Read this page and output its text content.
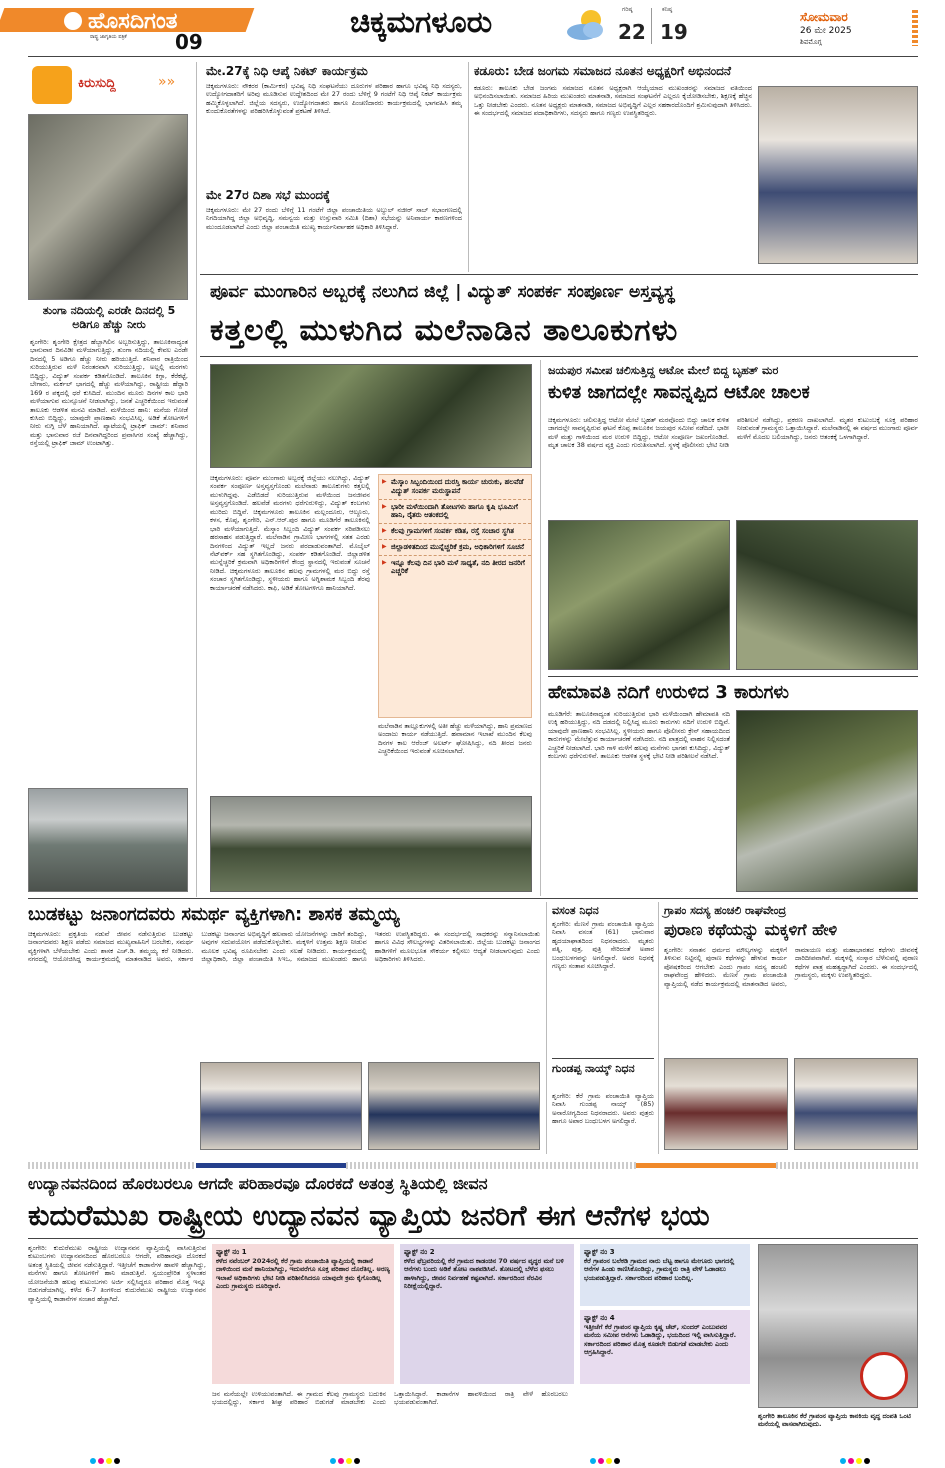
ಹೊಸದಿಗಂತ
ರಾಷ್ಟ್ರ ಜಾಗೃತಿಯ ಪತ್ರಿಕೆ 09
ಚಿಕ್ಕಮಗಳೂರು	ಗರಿಷ್ಠ
22
ಕನಿಷ್ಠ
19
ಸೋಮವಾರ
26 ಮೇ 2025
ಶಿವಮೊಗ್ಗ
ಕಿರುಸುದ್ದಿ	»»
ತುಂಗಾ ನದಿಯಲ್ಲಿ ಎರಡೇ ದಿನದಲ್ಲಿ 5 ಅಡಿಗೂ ಹೆಚ್ಚು ನೀರು
ಶೃಂಗೇರಿ: ಶೃಂಗೇರಿ ಕ್ಷೇತ್ರದ ಹೆಬ್ಬಾಗಿಲಿನ ಅಬ್ಬರಿಸುತ್ತಿದ್ದು, ತಾಲೂಕಿನಾದ್ಯಂತ ಭಾನುವಾರ ದಿನವಿಡೀ ಮಳೆಯಾಗುತ್ತಿದ್ದು, ತುಂಗಾ ನದಿಯಲ್ಲಿ ಕೇವಲ ಎರಡೇ ದಿನದಲ್ಲಿ 5 ಅಡಿಗೂ ಹೆಚ್ಚು ನೀರು ಹರಿಯುತ್ತಿದೆ. ಶನಿವಾರ ರಾತ್ರಿಯಿಂದ ಸುರಿಯುತ್ತಿರುವ ಮಳೆ ನಿರಂತರವಾಗಿ ಸುರಿಯುತ್ತಿದ್ದು, ಅಲ್ಲಲ್ಲಿ ಮರಗಳು ಬಿದ್ದಿದ್ದು, ವಿದ್ಯುತ್ ಸಂಪರ್ಕ ಕಡಿತಗೊಂಡಿದೆ. ತಾಲೂಕಿನ ಕಿಗ್ಗಾ, ಕೆರೆಕಟ್ಟೆ, ಬೇಗಾರು, ಮರ್ಕಲ್ ಭಾಗದಲ್ಲಿ ಹೆಚ್ಚು ಮಳೆಯಾಗಿದ್ದು, ರಾಷ್ಟ್ರೀಯ ಹೆದ್ದಾರಿ 169 ರ ಪಕ್ಕದಲ್ಲಿ ಧರೆ ಕುಸಿದಿದೆ. ಮುಂದಿನ ಮೂರು ದಿನಗಳ ಕಾಲ ಭಾರಿ ಮಳೆಯಾಗುವ ಮುನ್ಸೂಚನೆ ನೀಡಲಾಗಿದ್ದು, ಜನತೆ ಎಚ್ಚರಿಕೆಯಿಂದ ಇರುವಂತೆ ತಾಲೂಕು ಆಡಳಿತ ಮನವಿ ಮಾಡಿದೆ. ಮಳೆಯಿಂದ ಹಾನಿ: ಮನೆಯ ಗೋಡೆ ಕುಸಿದು ಬಿದ್ದಿದ್ದು, ಯಾವುದೇ ಪ್ರಾಣಹಾನಿ ಸಂಭವಿಸಿಲ್ಲ. ಅಡಿಕೆ ತೋಟಗಳಿಗೆ ನೀರು ನುಗ್ಗಿ ಬೆಳೆ ಹಾನಿಯಾಗಿದೆ. ಪ್ಯಾಟೆಯಲ್ಲಿ ಟ್ರಾಫಿಕ್ ಜಾಮ್: ಶನಿವಾರ ಮತ್ತು ಭಾನುವಾರ ರಜೆ ದಿನವಾಗಿದ್ದರಿಂದ ಪ್ರವಾಸಿಗರ ಸಂಖ್ಯೆ ಹೆಚ್ಚಾಗಿದ್ದು, ರಸ್ತೆಯಲ್ಲಿ ಟ್ರಾಫಿಕ್ ಜಾಮ್ ಉಂಟಾಗಿತ್ತು.
ಮೇ.27ಕ್ಕೆ ನಿಧಿ ಆಪ್ಕೆ ನಿಕಟ್ ಕಾರ್ಯಕ್ರಮ
ಚಿಕ್ಕಮಗಳೂರು: ನೌಕರರ (ಕಾರ್ಮಿಕರ) ಭವಿಷ್ಯ ನಿಧಿ ಸಂಘಟನೆಯು ದೂರುಗಳ ಪರಿಹಾರ ಹಾಗೂ ಭವಿಷ್ಯ ನಿಧಿ ಸದಸ್ಯರು, ಉದ್ಯೋಗದಾತರಿಗೆ ಅರಿವು ಮೂಡಿಸುವ ಉದ್ದೇಶದಿಂದ ಮೇ 27 ರಂದು ಬೆಳಿಗ್ಗೆ 9 ಗಂಟೆಗೆ ನಿಧಿ ಆಪ್ಕೆ ನಿಕಟ್ ಕಾರ್ಯಕ್ರಮ ಹಮ್ಮಿಕೊಳ್ಳಲಾಗಿದೆ. ಜಿಲ್ಲೆಯ ಸದಸ್ಯರು, ಉದ್ಯೋಗದಾತರು ಹಾಗೂ ಪಿಂಚಣಿದಾರರು ಕಾರ್ಯಕ್ರಮದಲ್ಲಿ ಭಾಗವಹಿಸಿ ತಮ್ಮ ಕುಂದುಕೊರತೆಗಳನ್ನು ಪರಿಹರಿಸಿಕೊಳ್ಳುವಂತೆ ಪ್ರಕಟಣೆ ತಿಳಿಸಿದೆ.
ಮೇ 27ರ ದಿಶಾ ಸಭೆ ಮುಂದಕ್ಕೆ
ಚಿಕ್ಕಮಗಳೂರು: ಮೇ 27 ರಂದು ಬೆಳಿಗ್ಗೆ 11 ಗಂಟೆಗೆ ಜಿಲ್ಲಾ ಪಂಚಾಯಿತಿಯ ಅಬ್ದುಲ್ ನಜೀರ್ ಸಾಬ್ ಸಭಾಂಗಣದಲ್ಲಿ ನಿಗದಿಯಾಗಿದ್ದ ಜಿಲ್ಲಾ ಅಭಿವೃದ್ಧಿ, ಸಮನ್ವಯ ಮತ್ತು ಉಸ್ತುವಾರಿ ಸಮಿತಿ (ದಿಶಾ) ಸಭೆಯನ್ನು ಅನಿವಾರ್ಯ ಕಾರಣಗಳಿಂದ ಮುಂದೂಡಲಾಗಿದೆ ಎಂದು ಜಿಲ್ಲಾ ಪಂಚಾಯಿತಿ ಮುಖ್ಯ ಕಾರ್ಯನಿರ್ವಾಹಕ ಅಧಿಕಾರಿ ತಿಳಿಸಿದ್ದಾರೆ.
ಕಡೂರು: ಬೇಡ ಜಂಗಮ ಸಮಾಜದ ನೂತನ ಅಧ್ಯಕ್ಷರಿಗೆ ಅಭಿನಂದನೆ
ಕಡೂರು: ತಾಲೂಕು ಬೇಡ ಜಂಗಮ ಸಮಾಜದ ನೂತನ ಅಧ್ಯಕ್ಷರಾಗಿ ಆಯ್ಕೆಯಾದ ಮುಖಂಡರನ್ನು ಸಮಾಜದ ವತಿಯಿಂದ ಅಭಿನಂದಿಸಲಾಯಿತು. ಸಮಾಜದ ಹಿರಿಯ ಮುಖಂಡರು ಮಾತನಾಡಿ, ಸಮಾಜದ ಸಂಘಟನೆಗೆ ಎಲ್ಲರೂ ಕೈಜೋಡಿಸಬೇಕು, ಶಿಕ್ಷಣಕ್ಕೆ ಹೆಚ್ಚಿನ ಒತ್ತು ನೀಡಬೇಕು ಎಂದರು. ನೂತನ ಅಧ್ಯಕ್ಷರು ಮಾತನಾಡಿ, ಸಮಾಜದ ಅಭಿವೃದ್ಧಿಗೆ ಎಲ್ಲರ ಸಹಕಾರದೊಂದಿಗೆ ಶ್ರಮಿಸುವುದಾಗಿ ತಿಳಿಸಿದರು. ಈ ಸಂದರ್ಭದಲ್ಲಿ ಸಮಾಜದ ಪದಾಧಿಕಾರಿಗಳು, ಸದಸ್ಯರು ಹಾಗೂ ಗಣ್ಯರು ಉಪಸ್ಥಿತರಿದ್ದರು.
ಪೂರ್ವ ಮುಂಗಾರಿನ ಅಬ್ಬರಕ್ಕೆ ನಲುಗಿದ ಜಿಲ್ಲೆ | ವಿದ್ಯುತ್ ಸಂಪರ್ಕ ಸಂಪೂರ್ಣ ಅಸ್ತವ್ಯಸ್ಥ
ಕತ್ತಲಲ್ಲಿ ಮುಳುಗಿದ ಮಲೆನಾಡಿನ ತಾಲೂಕುಗಳು
ಚಿಕ್ಕಮಗಳೂರು: ಪೂರ್ವ ಮುಂಗಾರು ಅಬ್ಬರಕ್ಕೆ ಜಿಲ್ಲೆಯು ನಲುಗಿದ್ದು, ವಿದ್ಯುತ್ ಸಂಪರ್ಕ ಸಂಪೂರ್ಣ ಅಸ್ತವ್ಯಸ್ತಗೊಂಡು ಮಲೆನಾಡು ತಾಲೂಕುಗಳು ಕತ್ತಲಲ್ಲಿ ಮುಳುಗಿದ್ದವು. ಎಡೆಬಿಡದೆ ಸುರಿಯುತ್ತಿರುವ ಮಳೆಯಿಂದ ಜನಜೀವನ ಅಸ್ತವ್ಯಸ್ತಗೊಂಡಿದೆ. ಹಲವೆಡೆ ಮರಗಳು ಧರೆಗುರುಳಿದ್ದು, ವಿದ್ಯುತ್ ಕಂಬಗಳು ಮುರಿದು ಬಿದ್ದಿವೆ. ಚಿಕ್ಕಮಗಳೂರು ತಾಲೂಕಿನ ಮಲ್ಲಂದೂರು, ಆಲ್ದೂರು, ಕಳಸ, ಕೊಪ್ಪ, ಶೃಂಗೇರಿ, ಎನ್.ಆರ್.ಪುರ ಹಾಗೂ ಮೂಡಿಗೆರೆ ತಾಲೂಕಿನಲ್ಲಿ ಭಾರಿ ಮಳೆಯಾಗುತ್ತಿದೆ. ಮೆಸ್ಕಾಂ ಸಿಬ್ಬಂದಿ ವಿದ್ಯುತ್ ಸಂಪರ್ಕ ಸರಿಪಡಿಸಲು ಹರಸಾಹಸ ಪಡುತ್ತಿದ್ದಾರೆ. ಮಲೆನಾಡಿನ ಗ್ರಾಮೀಣ ಭಾಗಗಳಲ್ಲಿ ಸತತ ಎರಡು ದಿನಗಳಿಂದ ವಿದ್ಯುತ್ ಇಲ್ಲದೆ ಜನರು ಪರದಾಡುವಂತಾಗಿದೆ. ಮೊಬೈಲ್ ನೆಟ್‌ವರ್ಕ್ ಸಹ ಸ್ಥಗಿತಗೊಂಡಿದ್ದು, ಸಂಪರ್ಕ ಕಡಿತಗೊಂಡಿದೆ. ಜಿಲ್ಲಾಡಳಿತ ಮುನ್ನೆಚ್ಚರಿಕೆ ಕ್ರಮವಾಗಿ ಅಧಿಕಾರಿಗಳಿಗೆ ಕೇಂದ್ರ ಸ್ಥಾನದಲ್ಲಿ ಇರುವಂತೆ ಸೂಚನೆ ನೀಡಿದೆ. ಚಿಕ್ಕಮಗಳೂರು ತಾಲೂಕಿನ ಹಲವು ಗ್ರಾಮಗಳಲ್ಲಿ ಮರ ಬಿದ್ದು ರಸ್ತೆ ಸಂಚಾರ ಸ್ಥಗಿತಗೊಂಡಿದ್ದು, ಸ್ಥಳೀಯರು ಹಾಗೂ ಅಗ್ನಿಶಾಮಕ ಸಿಬ್ಬಂದಿ ತೆರವು ಕಾರ್ಯಾಚರಣೆ ನಡೆಸಿದರು. ಕಾಫಿ, ಅಡಿಕೆ ತೋಟಗಳಿಗೂ ಹಾನಿಯಾಗಿದೆ.
▶ ಮೆಸ್ಕಾಂ ಸಿಬ್ಬಂದಿಯಿಂದ ದುರಸ್ತಿ ಕಾರ್ಯ ಚುರುಕು, ಹಲವೆಡೆ ವಿದ್ಯುತ್ ಸಂಪರ್ಕ ಮರುಸ್ಥಾಪನೆ
▶ ಭಾರೀ ಮಳೆಯಿಂದಾಗಿ ತೋಟಗಳು ಹಾಗೂ ಕೃಷಿ ಭೂಮಿಗೆ ಹಾನಿ, ರೈತರು ಆತಂಕದಲ್ಲಿ
▶ ಕೆಲವು ಗ್ರಾಮಗಳಿಗೆ ಸಂಪರ್ಕ ಕಡಿತ, ರಸ್ತೆ ಸಂಚಾರ ಸ್ಥಗಿತ
▶ ಜಿಲ್ಲಾಡಳಿತದಿಂದ ಮುನ್ನೆಚ್ಚರಿಕೆ ಕ್ರಮ, ಅಧಿಕಾರಿಗಳಿಗೆ ಸೂಚನೆ
▶ ಇನ್ನೂ ಕೆಲವು ದಿನ ಭಾರಿ ಮಳೆ ಸಾಧ್ಯತೆ, ನದಿ ತೀರದ ಜನರಿಗೆ ಎಚ್ಚರಿಕೆ
ಮಲೆನಾಡಿನ ತಾಲ್ಲೂಕುಗಳಲ್ಲಿ ಅತೀ ಹೆಚ್ಚು ಮಳೆಯಾಗಿದ್ದು, ಹಾನಿ ಪ್ರಮಾಣದ ಅಂದಾಜು ಕಾರ್ಯ ನಡೆಯುತ್ತಿದೆ. ಹವಾಮಾನ ಇಲಾಖೆ ಮುಂದಿನ ಕೆಲವು ದಿನಗಳ ಕಾಲ ಆರೆಂಜ್ ಅಲರ್ಟ್ ಘೋಷಿಸಿದ್ದು, ನದಿ ತೀರದ ಜನರು ಎಚ್ಚರಿಕೆಯಿಂದ ಇರುವಂತೆ ಸೂಚಿಸಲಾಗಿದೆ.
ಜಯಪುರ ಸಮೀಪ ಚಲಿಸುತ್ತಿದ್ದ ಆಟೋ ಮೇಲೆ ಬಿದ್ದ ಬೃಹತ್ ಮರ
ಕುಳಿತ ಜಾಗದಲ್ಲೇ ಸಾವನ್ನಪ್ಪಿದ ಆಟೋ ಚಾಲಕ
ಚಿಕ್ಕಮಗಳೂರು: ಚಲಿಸುತ್ತಿದ್ದ ಆಟೋ ಮೇಲೆ ಬೃಹತ್ ಮರವೊಂದು ಬಿದ್ದು ಚಾಲಕ ಕುಳಿತ ಜಾಗದಲ್ಲೇ ಸಾವನ್ನಪ್ಪಿರುವ ಘಟನೆ ಕೊಪ್ಪ ತಾಲೂಕಿನ ಜಯಪುರ ಸಮೀಪ ನಡೆದಿದೆ. ಭಾರೀ ಮಳೆ ಮತ್ತು ಗಾಳಿಯಿಂದ ಮರ ಉರುಳಿ ಬಿದ್ದಿದ್ದು, ಆಟೋ ಸಂಪೂರ್ಣ ಜಖಂಗೊಂಡಿದೆ. ಮೃತ ಚಾಲಕ 38 ವರ್ಷದ ವ್ಯಕ್ತಿ ಎಂದು ಗುರುತಿಸಲಾಗಿದೆ. ಸ್ಥಳಕ್ಕೆ ಪೊಲೀಸರು ಭೇಟಿ ನೀಡಿ ಪರಿಶೀಲನೆ ನಡೆಸಿದ್ದು, ಪ್ರಕರಣ ದಾಖಲಾಗಿದೆ. ಮೃತರ ಕುಟುಂಬಕ್ಕೆ ಸೂಕ್ತ ಪರಿಹಾರ ನೀಡುವಂತೆ ಗ್ರಾಮಸ್ಥರು ಒತ್ತಾಯಿಸಿದ್ದಾರೆ. ಮಲೆನಾಡಿನಲ್ಲಿ ಈ ವರ್ಷದ ಮುಂಗಾರು ಪೂರ್ವ ಮಳೆಗೆ ಮೊದಲ ಬಲಿಯಾಗಿದ್ದು, ಜನರು ಆತಂಕಕ್ಕೆ ಒಳಗಾಗಿದ್ದಾರೆ.
ಹೇಮಾವತಿ ನದಿಗೆ ಉರುಳಿದ 3 ಕಾರುಗಳು
ಮೂಡಿಗೆರೆ: ತಾಲೂಕಿನಾದ್ಯಂತ ಸುರಿಯುತ್ತಿರುವ ಭಾರಿ ಮಳೆಯಿಂದಾಗಿ ಹೇಮಾವತಿ ನದಿ ಉಕ್ಕಿ ಹರಿಯುತ್ತಿದ್ದು, ನದಿ ದಡದಲ್ಲಿ ನಿಲ್ಲಿಸಿದ್ದ ಮೂರು ಕಾರುಗಳು ನದಿಗೆ ಉರುಳಿ ಬಿದ್ದಿವೆ. ಯಾವುದೇ ಪ್ರಾಣಹಾನಿ ಸಂಭವಿಸಿಲ್ಲ. ಸ್ಥಳೀಯರು ಹಾಗೂ ಪೊಲೀಸರು ಕ್ರೇನ್ ಸಹಾಯದಿಂದ ಕಾರುಗಳನ್ನು ಮೇಲೆತ್ತುವ ಕಾರ್ಯಾಚರಣೆ ನಡೆಸಿದರು. ನದಿ ಪಾತ್ರದಲ್ಲಿ ವಾಹನ ನಿಲ್ಲಿಸದಂತೆ ಎಚ್ಚರಿಕೆ ನೀಡಲಾಗಿದೆ. ಭಾರಿ ಗಾಳಿ ಮಳೆಗೆ ಹಲವು ಮನೆಗಳು ಭಾಗಶಃ ಕುಸಿದಿದ್ದು, ವಿದ್ಯುತ್ ಕಂಬಗಳು ಧರೆಗುರುಳಿವೆ. ತಾಲೂಕು ಆಡಳಿತ ಸ್ಥಳಕ್ಕೆ ಭೇಟಿ ನೀಡಿ ಪರಿಶೀಲನೆ ನಡೆಸಿದೆ.
ಬುಡಕಟ್ಟು ಜನಾಂಗದವರು ಸಮರ್ಥ ವ್ಯಕ್ತಿಗಳಾಗಿ: ಶಾಸಕ ತಮ್ಮಯ್ಯ
ಚಿಕ್ಕಮಗಳೂರು: ಪ್ರಕೃತಿಯ ನಡುವೆ ಜೀವನ ನಡೆಸುತ್ತಿರುವ ಬುಡಕಟ್ಟು ಜನಾಂಗದವರು ಶಿಕ್ಷಣ ಪಡೆದು ಸಮಾಜದ ಮುಖ್ಯವಾಹಿನಿಗೆ ಬರಬೇಕು, ಸಮರ್ಥ ವ್ಯಕ್ತಿಗಳಾಗಿ ಬೆಳೆಯಬೇಕು ಎಂದು ಶಾಸಕ ಎಚ್.ಡಿ. ತಮ್ಮಯ್ಯ ಕರೆ ನೀಡಿದರು. ನಗರದಲ್ಲಿ ಆಯೋಜಿಸಿದ್ದ ಕಾರ್ಯಕ್ರಮದಲ್ಲಿ ಮಾತನಾಡಿದ ಅವರು, ಸರ್ಕಾರ ಬುಡಕಟ್ಟು ಜನಾಂಗದ ಅಭಿವೃದ್ಧಿಗೆ ಹಲವಾರು ಯೋಜನೆಗಳನ್ನು ಜಾರಿಗೆ ತಂದಿದ್ದು, ಅವುಗಳ ಸದುಪಯೋಗ ಪಡೆದುಕೊಳ್ಳಬೇಕು. ಮಕ್ಕಳಿಗೆ ಉತ್ತಮ ಶಿಕ್ಷಣ ನೀಡುವ ಮೂಲಕ ಭವಿಷ್ಯ ರೂಪಿಸಬೇಕು ಎಂದು ಸಲಹೆ ನೀಡಿದರು. ಕಾರ್ಯಕ್ರಮದಲ್ಲಿ ಜಿಲ್ಲಾಧಿಕಾರಿ, ಜಿಲ್ಲಾ ಪಂಚಾಯಿತಿ ಸಿಇಒ, ಸಮಾಜದ ಮುಖಂಡರು ಹಾಗೂ ಇತರರು ಉಪಸ್ಥಿತರಿದ್ದರು. ಈ ಸಂದರ್ಭದಲ್ಲಿ ಸಾಧಕರನ್ನು ಸನ್ಮಾನಿಸಲಾಯಿತು ಹಾಗೂ ವಿವಿಧ ಸೌಲಭ್ಯಗಳನ್ನು ವಿತರಿಸಲಾಯಿತು. ಜಿಲ್ಲೆಯ ಬುಡಕಟ್ಟು ಜನಾಂಗದ ಹಾಡಿಗಳಿಗೆ ಮೂಲಭೂತ ಸೌಕರ್ಯ ಕಲ್ಪಿಸಲು ಆದ್ಯತೆ ನೀಡಲಾಗುವುದು ಎಂದು ಅಧಿಕಾರಿಗಳು ತಿಳಿಸಿದರು.
ವಸಂತ ನಿಧನ
ಶೃಂಗೇರಿ: ಮೆಣಸೆ ಗ್ರಾಮ ಪಂಚಾಯಿತಿ ವ್ಯಾಪ್ತಿಯ ನಿವಾಸಿ ವಸಂತ (61) ಭಾನುವಾರ ಹೃದಯಾಘಾತದಿಂದ ನಿಧನರಾದರು. ಮೃತರು ಪತ್ನಿ, ಪುತ್ರ, ಪುತ್ರಿ ಸೇರಿದಂತೆ ಅಪಾರ ಬಂಧುಬಳಗವನ್ನು ಅಗಲಿದ್ದಾರೆ. ಅವರ ನಿಧನಕ್ಕೆ ಗಣ್ಯರು ಸಂತಾಪ ಸೂಚಿಸಿದ್ದಾರೆ.
ಗುಂಡಪ್ಪ ನಾಯ್ಕ್ ನಿಧನ
ಶೃಂಗೇರಿ: ಕೆರೆ ಗ್ರಾಮ ಪಂಚಾಯಿತಿ ವ್ಯಾಪ್ತಿಯ ನಿವಾಸಿ ಗುಂಡಪ್ಪ ನಾಯ್ಕ್ (85) ಅನಾರೋಗ್ಯದಿಂದ ನಿಧನರಾದರು. ಅವರು ಪುತ್ರರು ಹಾಗೂ ಅಪಾರ ಬಂಧುಬಳಗ ಅಗಲಿದ್ದಾರೆ.
ಗ್ರಾಪಂ ಸದಸ್ಯ ಹಂಚಲಿ ರಾಘವೇಂದ್ರ
ಪುರಾಣ ಕಥೆಯನ್ನು ಮಕ್ಕಳಿಗೆ ಹೇಳಿ
ಶೃಂಗೇರಿ: ಸನಾತನ ಧರ್ಮದ ಮೌಲ್ಯಗಳನ್ನು ಮಕ್ಕಳಿಗೆ ತಿಳಿಸುವ ನಿಟ್ಟಿನಲ್ಲಿ ಪುರಾಣ ಕಥೆಗಳನ್ನು ಹೇಳುವ ಕಾರ್ಯ ಪೋಷಕರಿಂದ ಆಗಬೇಕು ಎಂದು ಗ್ರಾಪಂ ಸದಸ್ಯ ಹಂಚಲಿ ರಾಘವೇಂದ್ರ ಹೇಳಿದರು. ಮೆಣಸೆ ಗ್ರಾಮ ಪಂಚಾಯಿತಿ ವ್ಯಾಪ್ತಿಯಲ್ಲಿ ನಡೆದ ಕಾರ್ಯಕ್ರಮದಲ್ಲಿ ಮಾತನಾಡಿದ ಅವರು, ರಾಮಾಯಣ ಮತ್ತು ಮಹಾಭಾರತದ ಕಥೆಗಳು ಜೀವನಕ್ಕೆ ದಾರಿದೀಪವಾಗಿವೆ. ಮಕ್ಕಳಲ್ಲಿ ಸಂಸ್ಕಾರ ಬೆಳೆಸುವಲ್ಲಿ ಪುರಾಣ ಕಥೆಗಳ ಪಾತ್ರ ಮಹತ್ವದ್ದಾಗಿದೆ ಎಂದರು. ಈ ಸಂದರ್ಭದಲ್ಲಿ ಗ್ರಾಮಸ್ಥರು, ಮಕ್ಕಳು ಉಪಸ್ಥಿತರಿದ್ದರು.
ಉದ್ಯಾನವನದಿಂದ ಹೊರಬರಲೂ ಆಗದೇ ಪರಿಹಾರವೂ ದೊರಕದೆ ಅತಂತ್ರ ಸ್ಥಿತಿಯಲ್ಲಿ ಜೀವನ
ಕುದುರೆಮುಖ ರಾಷ್ಟ್ರೀಯ ಉದ್ಯಾನವನ ವ್ಯಾಪ್ತಿಯ ಜನರಿಗೆ ಈಗ ಆನೆಗಳ ಭಯ
ಶೃಂಗೇರಿ: ಕುದುರೆಮುಖ ರಾಷ್ಟ್ರೀಯ ಉದ್ಯಾನವನ ವ್ಯಾಪ್ತಿಯಲ್ಲಿ ವಾಸಿಸುತ್ತಿರುವ ಕುಟುಂಬಗಳು ಉದ್ಯಾನವನದಿಂದ ಹೊರಬರಲೂ ಆಗದೇ, ಪರಿಹಾರವೂ ದೊರಕದೆ ಅತಂತ್ರ ಸ್ಥಿತಿಯಲ್ಲಿ ಜೀವನ ನಡೆಸುತ್ತಿದ್ದಾರೆ. ಇತ್ತೀಚೆಗೆ ಕಾಡಾನೆಗಳ ಹಾವಳಿ ಹೆಚ್ಚಾಗಿದ್ದು, ಮನೆಗಳು ಹಾಗೂ ತೋಟಗಳಿಗೆ ಹಾನಿ ಮಾಡುತ್ತಿವೆ. ಸ್ವಯಂಪ್ರೇರಿತ ಸ್ಥಳಾಂತರ ಯೋಜನೆಯಡಿ ಹಲವು ಕುಟುಂಬಗಳು ಅರ್ಜಿ ಸಲ್ಲಿಸಿದ್ದರೂ ಪರಿಹಾರ ಮೊತ್ತ ಇನ್ನೂ ಬಿಡುಗಡೆಯಾಗಿಲ್ಲ. ಕಳೆದ 6-7 ತಿಂಗಳಿಂದ ಕುದುರೆಮುಖ ರಾಷ್ಟ್ರೀಯ ಉದ್ಯಾನವನ ವ್ಯಾಪ್ತಿಯಲ್ಲಿ ಕಾಡಾನೆಗಳ ಸಂಚಾರ ಹೆಚ್ಚಾಗಿದೆ.
ಫ್ಯಾಕ್ಟ್ ನಂ 1
ಕಳೆದ ನವೆಂಬರ್ 2024ರಲ್ಲಿ ಕೆರೆ ಗ್ರಾಮ ಪಂಚಾಯಿತಿ ವ್ಯಾಪ್ತಿಯಲ್ಲಿ ಕಾಡಾನೆ ದಾಳಿಯಿಂದ ಮನೆ ಹಾನಿಯಾಗಿದ್ದು, ಇದುವರೆಗೂ ಸೂಕ್ತ ಪರಿಹಾರ ದೊರೆತಿಲ್ಲ. ಅರಣ್ಯ ಇಲಾಖೆ ಅಧಿಕಾರಿಗಳು ಭೇಟಿ ನೀಡಿ ಪರಿಶೀಲಿಸಿದರೂ ಯಾವುದೇ ಕ್ರಮ ಕೈಗೊಂಡಿಲ್ಲ ಎಂದು ಗ್ರಾಮಸ್ಥರು ದೂರಿದ್ದಾರೆ.
ಫ್ಯಾಕ್ಟ್ ನಂ 2
ಕಳೆದ ಫೆಬ್ರವರಿಯಲ್ಲಿ ಕೆರೆ ಗ್ರಾಮದ ಕಾಡಂಚಿನ 70 ವರ್ಷದ ವೃದ್ಧರ ಮನೆ ಬಳಿ ಆನೆಗಳು ಬಂದು ಅಡಿಕೆ ತೋಟ ನಾಶಪಡಿಸಿವೆ. ತೋಟದಲ್ಲಿ ಬೆಳೆದ ಫಸಲು ಹಾಳಾಗಿದ್ದು, ಜೀವನ ನಿರ್ವಹಣೆ ಕಷ್ಟವಾಗಿದೆ. ಸರ್ಕಾರದಿಂದ ನೆರವಿನ ನಿರೀಕ್ಷೆಯಲ್ಲಿದ್ದಾರೆ.
ಫ್ಯಾಕ್ಟ್ ನಂ 3
ಕೆರೆ ಗ್ರಾಪಂನ ಬಲೆಕಡಿ ಗ್ರಾಮದ ನಾರು ಬೆಟ್ಟ ಹಾಗೂ ಮೇಗೂರು ಭಾಗದಲ್ಲಿ ಆನೆಗಳ ಹಿಂಡು ಕಾಣಿಸಿಕೊಂಡಿದ್ದು, ಗ್ರಾಮಸ್ಥರು ರಾತ್ರಿ ವೇಳೆ ಓಡಾಡಲು ಭಯಪಡುತ್ತಿದ್ದಾರೆ. ಸರ್ಕಾರದಿಂದ ಪರಿಹಾರ ಬಂದಿಲ್ಲ.
ಫ್ಯಾಕ್ಟ್ ನಂ 4
ಇತ್ತೀಚೆಗೆ ಕೆರೆ ಗ್ರಾಪಂನ ವ್ಯಾಪ್ತಿಯ ಕೃಷ್ಣ ಚೆಟ್, ಸುಂದರ್ ಎಂಬುವವರ ಮನೆಯ ಸಮೀಪ ಆನೆಗಳು ಓಡಾಡಿದ್ದು, ಭಯದಿಂದ ಇಲ್ಲಿ ವಾಸಿಸುತ್ತಿದ್ದಾರೆ. ಸರ್ಕಾರದಿಂದ ಪರಿಹಾರ ಮೊತ್ತ ಕೂಡಲೇ ಬಿಡುಗಡೆ ಮಾಡಬೇಕು ಎಂದು ಆಗ್ರಹಿಸಿದ್ದಾರೆ.
ಜನ ಮನೆಯಲ್ಲೇ ಉಳಿಯುವಂತಾಗಿದೆ. ಈ ಗ್ರಾಮದ ಕೆಲವು ಗ್ರಾಮಸ್ಥರು ಬದುಕಿನ ಭಯದಲ್ಲಿದ್ದು, ಸರ್ಕಾರ ಶೀಘ್ರ ಪರಿಹಾರ ಬಿಡುಗಡೆ ಮಾಡಬೇಕು ಎಂದು ಒತ್ತಾಯಿಸಿದ್ದಾರೆ. ಕಾಡಾನೆಗಳ ಹಾವಳಿಯಿಂದ ರಾತ್ರಿ ವೇಳೆ ಹೊರಬರಲು ಭಯಪಡುವಂತಾಗಿದೆ.
ಶೃಂಗೇರಿ ತಾಲೂಕಿನ ಕೆರೆ ಗ್ರಾಪಂನ ವ್ಯಾಪ್ತಿಯ ಕಾನಕಿಯ ವೃದ್ಧ ದಂಪತಿ ಒಂಟಿ ಮನೆಯಲ್ಲಿ ವಾಸವಾಗಿರುವುದು.
